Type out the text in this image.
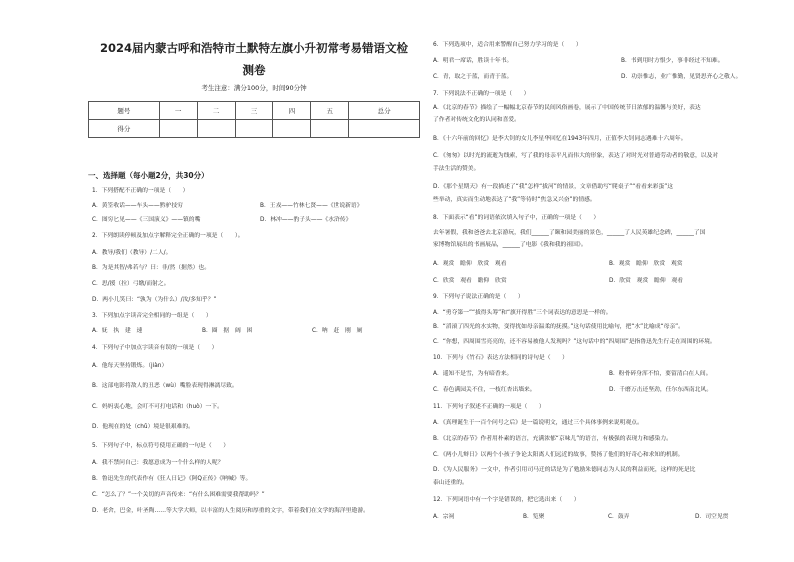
2024届内蒙古呼和浩特市土默特左旗小升初常考易错语文检
测卷
考生注意：满分100分，时间90分钟
题号	一	二	三	四	五	总分
得分						
一、选择题（每小题2分，共30分）
1．下列搭配不正确的一项是（　　）
A．黄筌收话——车头——黔驴技穷	B．王戎——竹林七贤——《世说新语》
C．图穷匕见——《三国演义》——镇的嘴	D．林冲——豹子头——《水浒传》
2．下列朗读停顿及加点字解释完全正确的一项是（　　）。
A．教导/我们（教导）/二人/。
B．为是其智/弗若与？曰：非/然（据然）也。
C．思/援（拉）弓缴/而射之。
D．两小儿笑曰：“孰为（为什么）/汝/多知乎？”
3．下列加点字读音完全相同的一组是（　　）
A．妩　执　建　速	B．圈　据　阔　困	C．呐　赶　刚　厕
4．下列句子中加点字读音有误的一项是（　　）
A．他每天坚持锻炼。（jiàn）
B．这部电影将敌人的丑恶（wù）嘴脸表现得淋漓尽致。
C．妈妈衷心地，会叮不可打电话和（huò）一下。
D．他现在的处（chǔ）境是很艰难的。
5．下列句子中，标点符号使用正确的一句是（　　）
A．我不禁问自己：我愿意成为一个什么样的人呢？
B．鲁迅先生的代表作有《狂人日记》《阿Q正传》《呐喊》等。
C．“怎么了？”一个关切的声音传来：“有什么困难需要我帮助吗？”
D．老舍，巴金，叶圣陶……等大学大师，以丰富的人生阅历和厚重的文字，带着我们在文学的海洋里遨游。
6．下列选项中，适合用来警醒自己努力学习的是（　　）
A．明君一席话，胜读十年书。	B．书到用时方恨少，事非经过不知难。
C．青，取之于蓝，而青于蓝。	D．功崇惟志，业广惟勤，见贤思齐心之敬人。
7．下列说法不正确的一项是（　　）
A．《北京的春节》描绘了一幅幅北京春节的民间风俗画卷，展示了中国传统节日浓郁的温馨与美好，表达
了作者对传统文化的认同和喜爱。
B．《十六年前的回忆》是李大钊的女儿李星华回忆在1943年四月，正值李大钊同志遇难十六周年。
C．《匆匆》以时光的流逝为线索，写了我的母亲平凡而伟大的形象，表达了对时光对普通劳动者的敬意，以及对
手法生活的赞美。
D．《那个星期天》有一段描述了“我”怎样“拔河”的情景，文章借助写“爬桌子”“看看来彩蛋”这
些举动，真实而生动地表达了“我”等待时“焦急又兴奋”的情感。
8．下面表示“看”的词语依次填入句子中，正确的一项是（　　）
去年暑假，我和爸爸去北京游玩，我们______了颐和园美丽的景色，______了人民英雄纪念碑，______了国
家博物馆展出的书画展品，______了电影《我和我的祖国》。
A．观赏　瞻仰　欣赏　观看	B．观赏　瞻仰　欣赏　观赏
C．欣赏　观看　瞻仰　欣赏	D．欣赏　观赏　瞻仰　观看
9．下列句子说法正确的是（　　）
A．“勇夺第一”“拔得头筹”和“旗开得胜”三个词表达的意思是一样的。
B．“滔滚了四光的水实物，变得扰如母亲温柔的抚摸。”这句话使用比喻句，把“水”比喻成“母亲”。
C．“你想，四周围雪亮亮的，还不容易被他人发现吗？”这句话中的“四周围”是指鲁迅先生行走在周围的环境。
10．下列与《竹石》表达方法相同的诗句是（　　）
A．遥知不是雪，为有暗香来。	B．粉骨碎身浑不怕，要留清白在人间。
C．春色满园关不住，一枝红杏出墙来。	D．千磨万击还坚劲，任尔东西南北风。
11．下列句子叙述不正确的一项是（　　）
A．《真理诞生于一百个问号之后》是一篇说明文，通过三个具体事例来说明观点。
B．《北京的春节》作者用朴素的语言，充满浓郁“京味儿”的语言，有极强的表现力和感染力。
C．《两小儿辩日》以两个小孩子争论太阳离人们远近的故事，赞扬了他们的好奇心和求知的机制。
D．《为人民服务》一文中，作者引用司马迁的话是为了勉励朱德同志为人民的利益而死，这样的死是比
泰山还重的。
12．下列词语中有一个字是错误的，把它选出来（　　）
A．宗祠	B．览聚	C．鼓弄	D．司空见贯
